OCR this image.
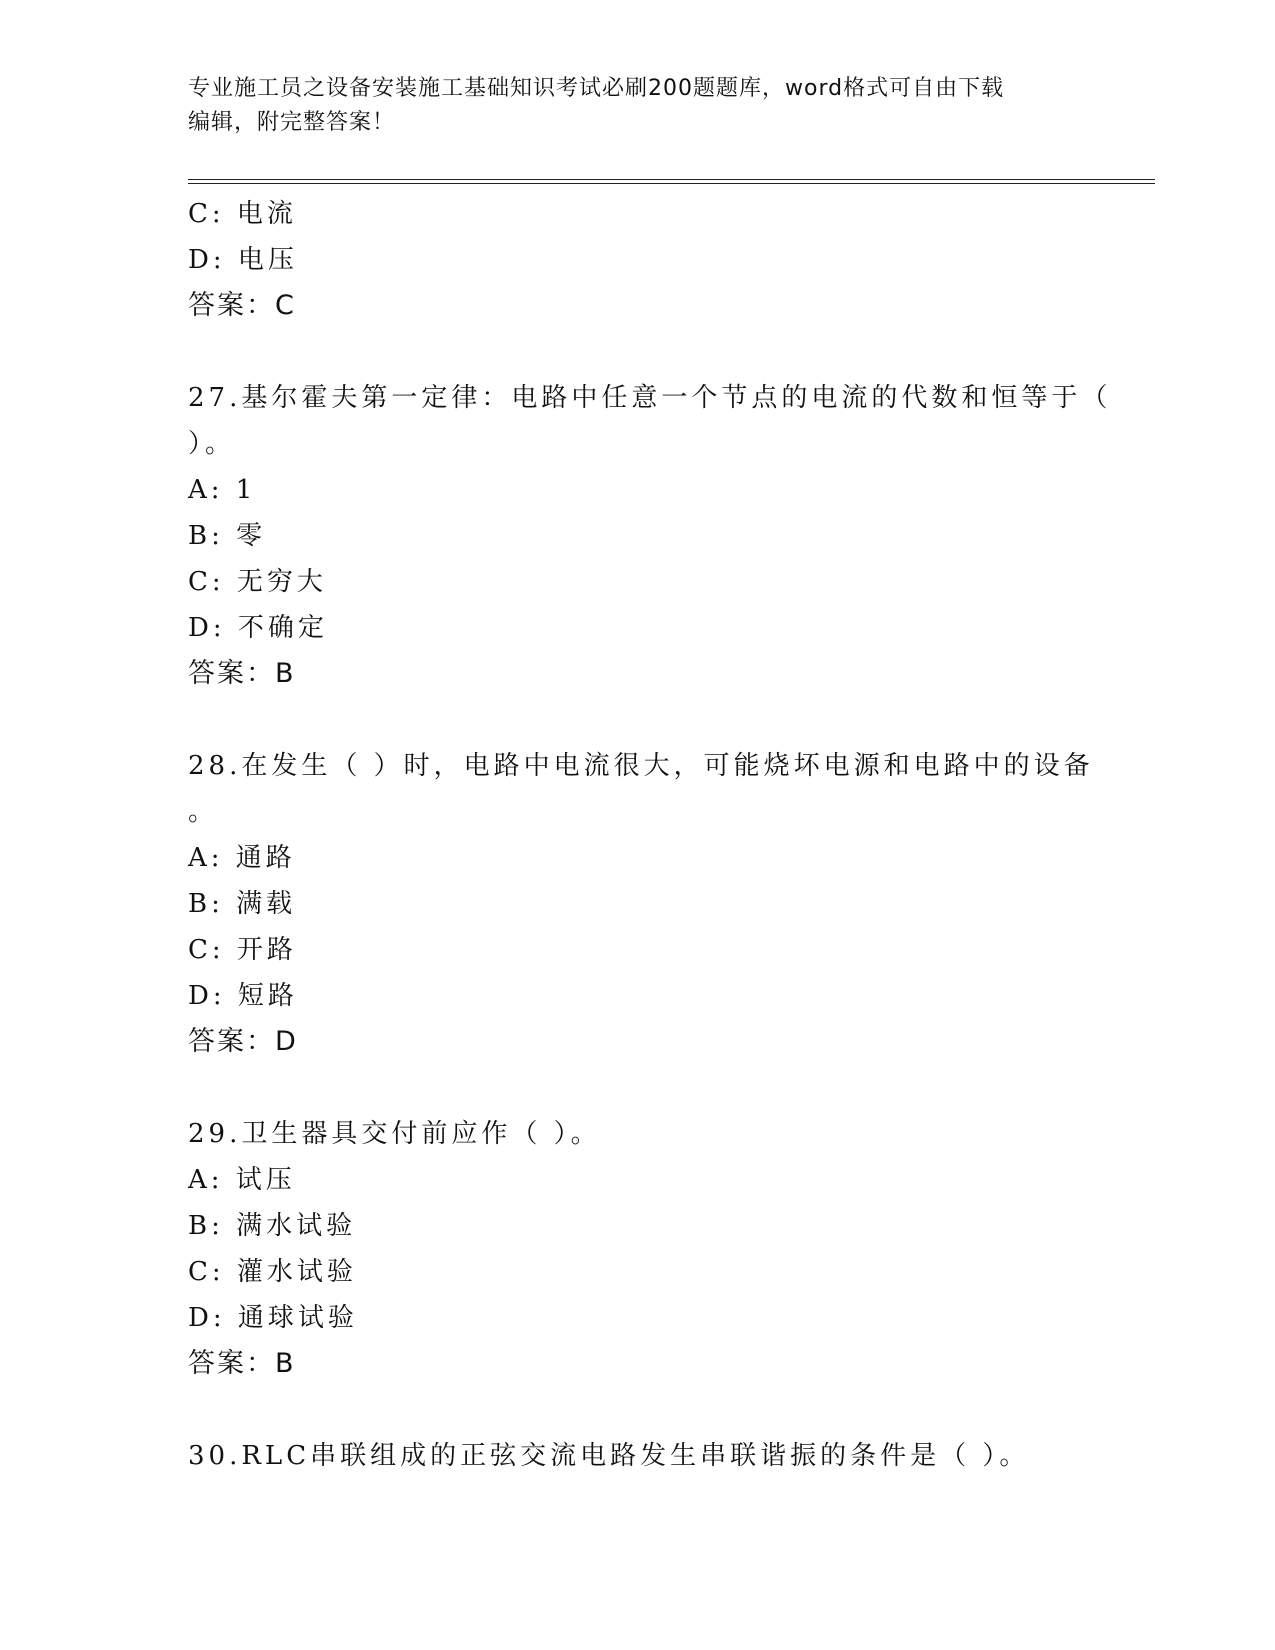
专业施工员之设备安装施工基础知识考试必刷200题题库，word格式可自由下载
编辑，附完整答案！
C: 电流
D: 电压
答案：C
27.基尔霍夫第一定律：电路中任意一个节点的电流的代数和恒等于（
）。
A: 1
B: 零
C: 无穷大
D: 不确定
答案：B
28.在发生（ ）时，电路中电流很大，可能烧坏电源和电路中的设备
。
A: 通路
B: 满载
C: 开路
D: 短路
答案：D
29.卫生器具交付前应作（ ）。
A: 试压
B: 满水试验
C: 灌水试验
D: 通球试验
答案：B
30.RLC串联组成的正弦交流电路发生串联谐振的条件是（ ）。
